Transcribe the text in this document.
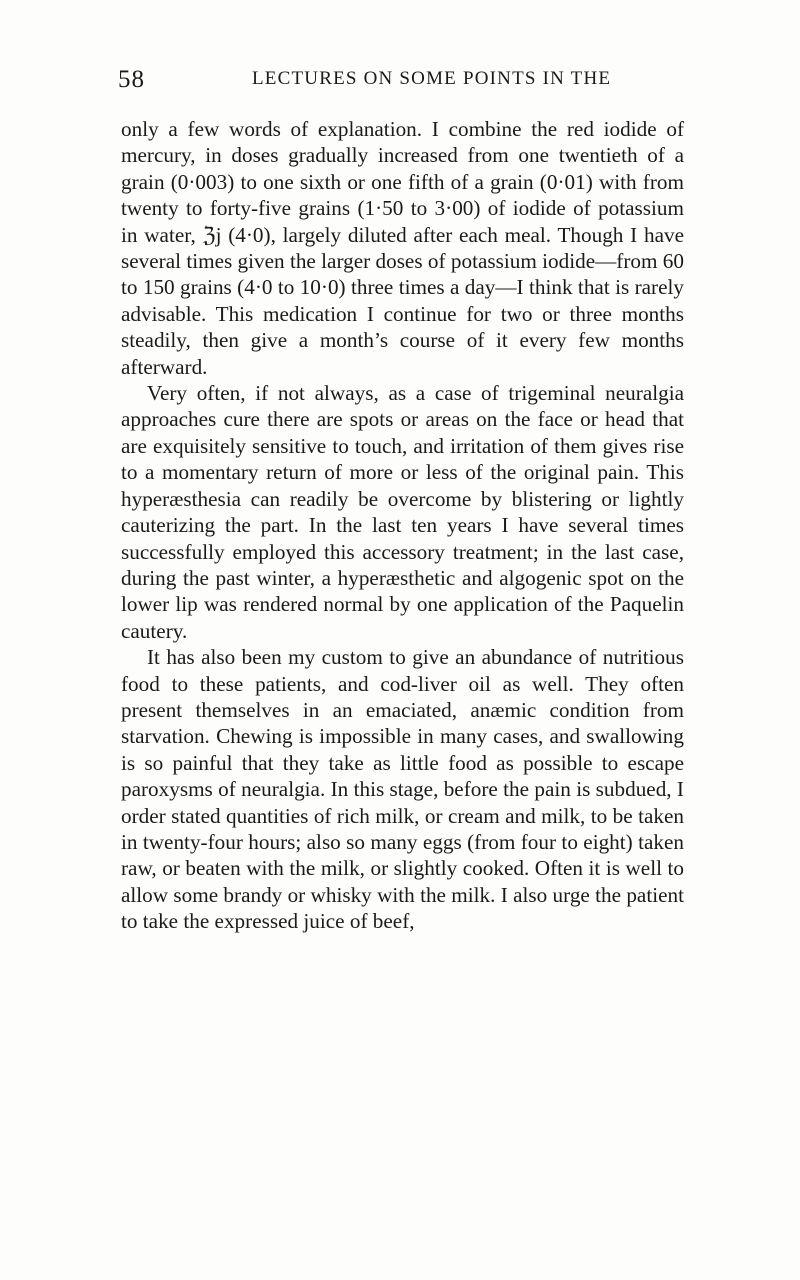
58	LECTURES ON SOME POINTS IN THE

only a few words of explanation. I combine the red iodide of mercury, in doses gradually increased from one twentieth of a grain (0·003) to one sixth or one fifth of a grain (0·01) with from twenty to forty-five grains (1·50 to 3·00) of iodide of potassium in water, ℨj (4·0), largely diluted after each meal. Though I have several times given the larger doses of potassium iodide—from 60 to 150 grains (4·0 to 10·0) three times a day—I think that is rarely advisable. This medication I continue for two or three months steadily, then give a month’s course of it every few months afterward.

Very often, if not always, as a case of trigeminal neuralgia approaches cure there are spots or areas on the face or head that are exquisitely sensitive to touch, and irritation of them gives rise to a momentary return of more or less of the original pain. This hyperæsthesia can readily be overcome by blistering or lightly cauterizing the part. In the last ten years I have several times successfully employed this accessory treatment; in the last case, during the past winter, a hyperæsthetic and algogenic spot on the lower lip was rendered normal by one application of the Paquelin cautery.

It has also been my custom to give an abundance of nutritious food to these patients, and cod-liver oil as well. They often present themselves in an emaciated, anæmic condition from starvation. Chewing is impossible in many cases, and swallowing is so painful that they take as little food as possible to escape paroxysms of neuralgia. In this stage, before the pain is subdued, I order stated quantities of rich milk, or cream and milk, to be taken in twenty-four hours; also so many eggs (from four to eight) taken raw, or beaten with the milk, or slightly cooked. Often it is well to allow some brandy or whisky with the milk. I also urge the patient to take the expressed juice of beef,
